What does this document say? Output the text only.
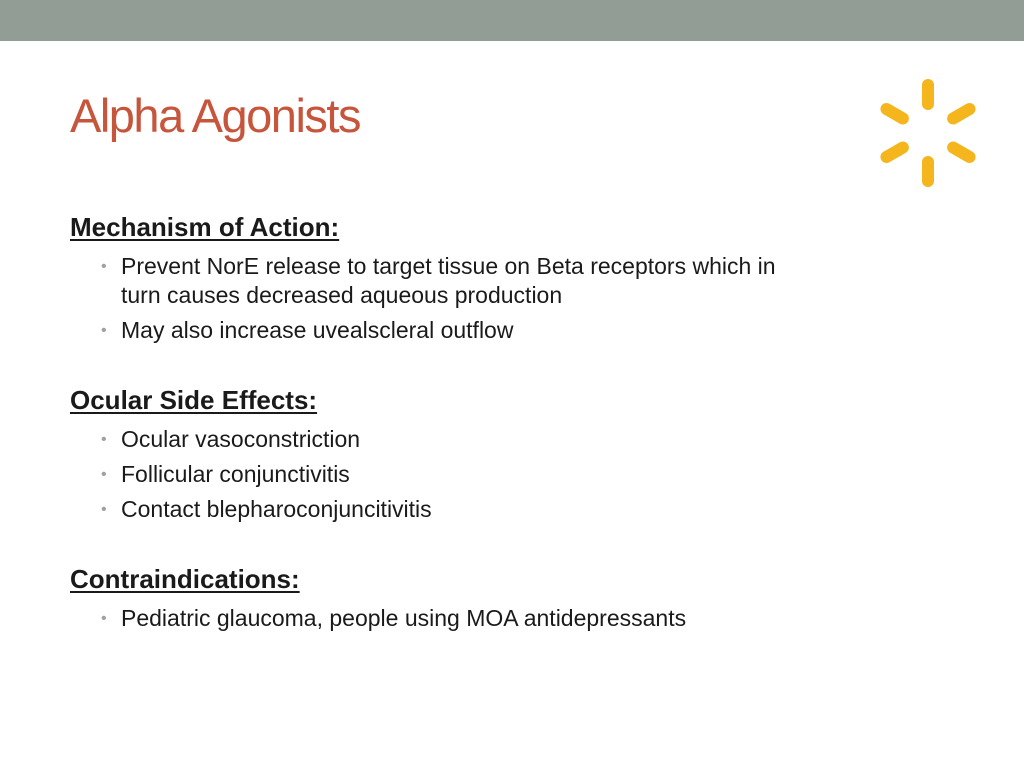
Alpha Agonists
Mechanism of Action:
• Prevent NorE release to target tissue on Beta receptors which in turn causes decreased aqueous production
• May also increase uvealscleral outflow
Ocular Side Effects:
• Ocular vasoconstriction
• Follicular conjunctivitis
• Contact blepharoconjuncitivitis
Contraindications:
• Pediatric glaucoma, people using MOA antidepressants
